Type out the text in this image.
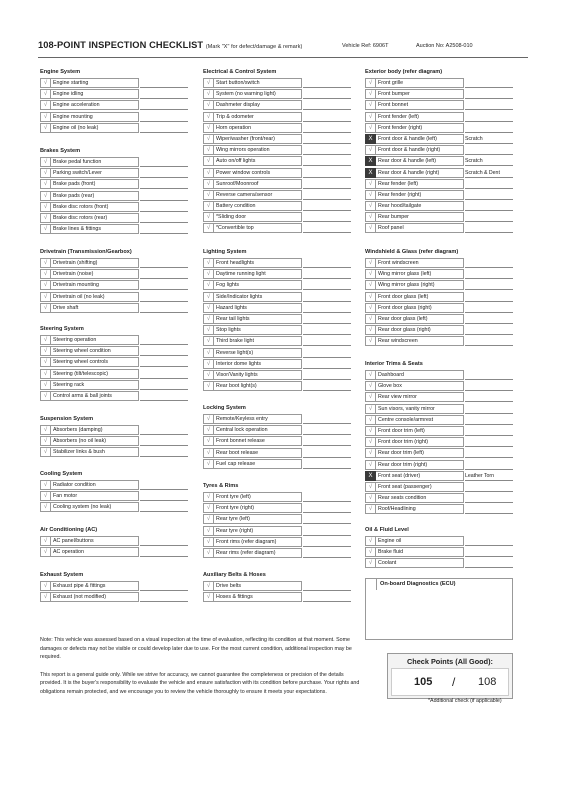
108-POINT INSPECTION CHECKLIST (Mark "X" for defect/damage & remark)	Vehicle Ref: 6906T	Auction No: A2508-010
Engine System
√	Engine starting
√	Engine idling
√	Engine acceleration
√	Engine mounting
√	Engine oil (no leak)
Brakes System
√	Brake pedal function
√	Parking switch/Lever
√	Brake pads (front)
√	Brake pads (rear)
√	Brake disc rotors (front)
√	Brake disc rotors (rear)
√	Brake lines & fittings
Drivetrain (Transmission/Gearbox)
√	Drivetrain (shifting)
√	Drivetrain (noise)
√	Drivetrain mounting
√	Drivetrain oil (no leak)
√	Drive shaft
Steering System
√	Steering operation
√	Steering wheel condition
√	Steering wheel controls
√	Steering (tilt/telescopic)
√	Steering rack
√	Control arms & ball joints
Suspension System
√	Absorbers (damping)
√	Absorbers (no oil leak)
√	Stabilizer links & bush
Cooling System
√	Radiator condition
√	Fan motor
√	Cooling system (no leak)
Air Conditioning (AC)
√	AC panel/buttons
√	AC operation
Exhaust System
√	Exhaust pipe & fittings
√	Exhaust (not modified)
Electrical & Control System
√	Start button/switch
√	System (no warning light)
√	Dashmeter display
√	Trip & odometer
√	Horn operation
√	Wiper/washer (front/rear)
√	Wing mirrors operation
√	Auto on/off lights
√	Power window controls
√	Sunroof/Moonroof
√	Reverse camera/sensor
√	Battery condition
√	*Sliding door
√	*Convertible top
Lighting System
√	Front headlights
√	Daytime running light
√	Fog lights
√	Side/Indicator lights
√	Hazard lights
√	Rear tail lights
√	Stop lights
√	Third brake light
√	Reverse light(s)
√	Interior dome lights
√	Visor/Vanity lights
√	Rear boot light(s)
Locking System
√	Remote/Keyless entry
√	Central lock operation
√	Front bonnet release
√	Rear boot release
√	Fuel cap release
Tyres & Rims
√	Front tyre (left)
√	Front tyre (right)
√	Rear tyre (left)
√	Rear tyre (right)
√	Front rims (refer diagram)
√	Rear rims (refer diagram)
Auxiliary Belts & Hoses
√	Drive belts
√	Hoses & fittings
Exterior body (refer diagram)
√	Front grille
√	Front bumper
√	Front bonnet
√	Front fender (left)
√	Front fender (right)
X	Front door & handle (left)	Scratch
√	Front door & handle (right)
X	Rear door & handle (left)	Scratch
X	Rear door & handle (right)	Scratch & Dent
√	Rear fender (left)
√	Rear fender (right)
√	Rear hood/tailgate
√	Rear bumper
√	Roof panel
Windshield & Glass (refer diagram)
√	Front windscreen
√	Wing mirror glass (left)
√	Wing mirror glass (right)
√	Front door glass (left)
√	Front door glass (right)
√	Rear door glass (left)
√	Rear door glass (right)
√	Rear windscreen
Interior Trims & Seats
√	Dashboard
√	Glove box
√	Rear view mirror
√	Sun visors, vanity mirror
√	Centre console/armrest
√	Front door trim (left)
√	Front door trim (right)
√	Rear door trim (left)
√	Rear door trim (right)
X	Front seat (driver)	Leather Torn
√	Front seat (passenger)
√	Rear seats condition
√	Roof/Headlining
Oil & Fluid Level
√	Engine oil
√	Brake fluid
√	Coolant
On-board Diagnostics (ECU)

Note: This vehicle was assessed based on a visual inspection at the time of evaluation, reflecting its condition at that moment. Some damages or defects may not be visible or could develop later due to use. For the most current condition, additional inspection may be required.

This report is a general guide only. While we strive for accuracy, we cannot guarantee the completeness or precision of the details provided. It is the buyer's responsibility to evaluate the vehicle and ensure satisfaction with its condition before purchase. Your rights and obligations remain protected, and we encourage you to review the vehicle thoroughly to ensure it meets your expectations.

Check Points (All Good):
105 / 108
*Additional check (if applicable)
